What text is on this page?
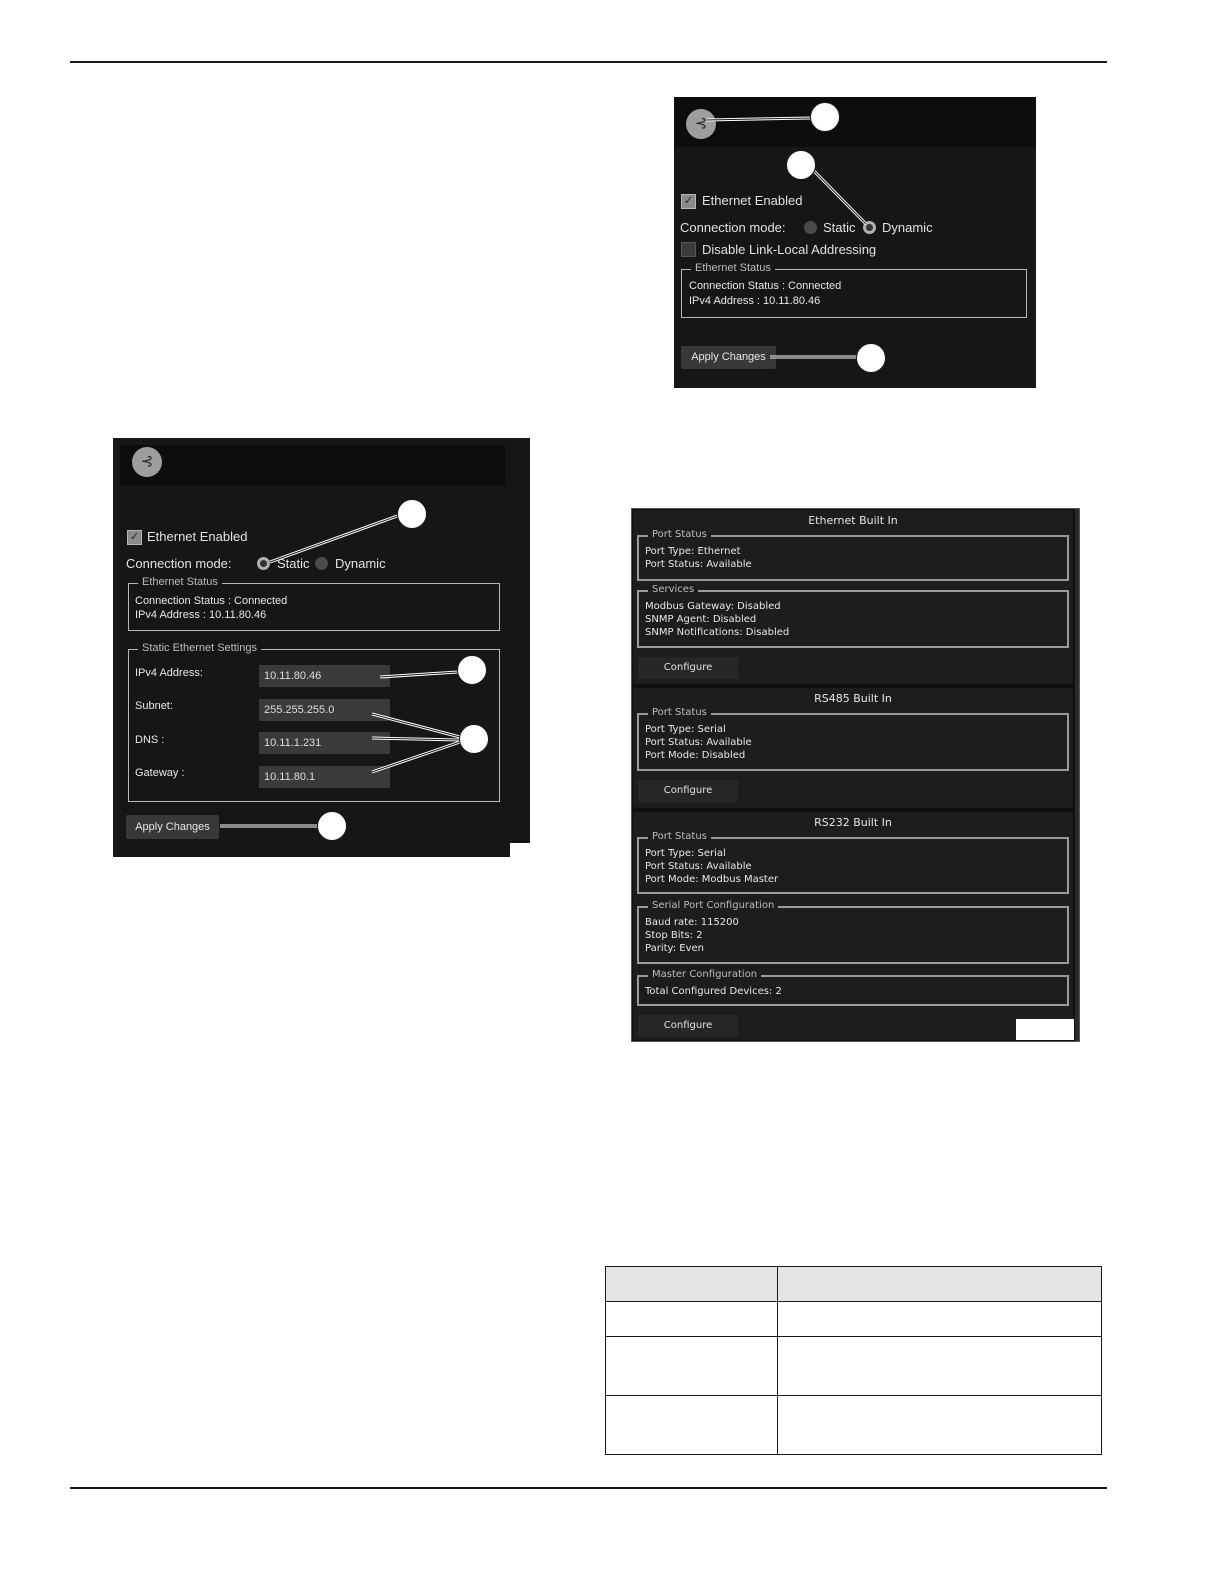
⊰
✓ Ethernet Enabled
Connection mode:	Static Dynamic
Disable Link-Local Addressing
Ethernet Status
Connection Status : Connected
IPv4 Address : 10.11.80.46
Apply Changes
⊰
✓ Ethernet Enabled
Connection mode:	Static Dynamic
Ethernet Status
Connection Status : Connected
IPv4 Address : 10.11.80.46
Static Ethernet Settings
IPv4 Address:	10.11.80.46
Subnet:	255.255.255.0
DNS :	10.11.1.231
Gateway :	10.11.80.1
Apply Changes
Ethernet Built In
Port Status
Port Type: Ethernet
Port Status: Available
Services
Modbus Gateway: Disabled
SNMP Agent: Disabled
SNMP Notifications: Disabled
Configure
RS485 Built In
Port Status
Port Type: Serial
Port Status: Available
Port Mode: Disabled
Configure
RS232 Built In
Port Status
Port Type: Serial
Port Status: Available
Port Mode: Modbus Master
Serial Port Configuration
Baud rate: 115200
Stop Bits: 2
Parity: Even
Master Configuration
Total Configured Devices: 2
Configure
